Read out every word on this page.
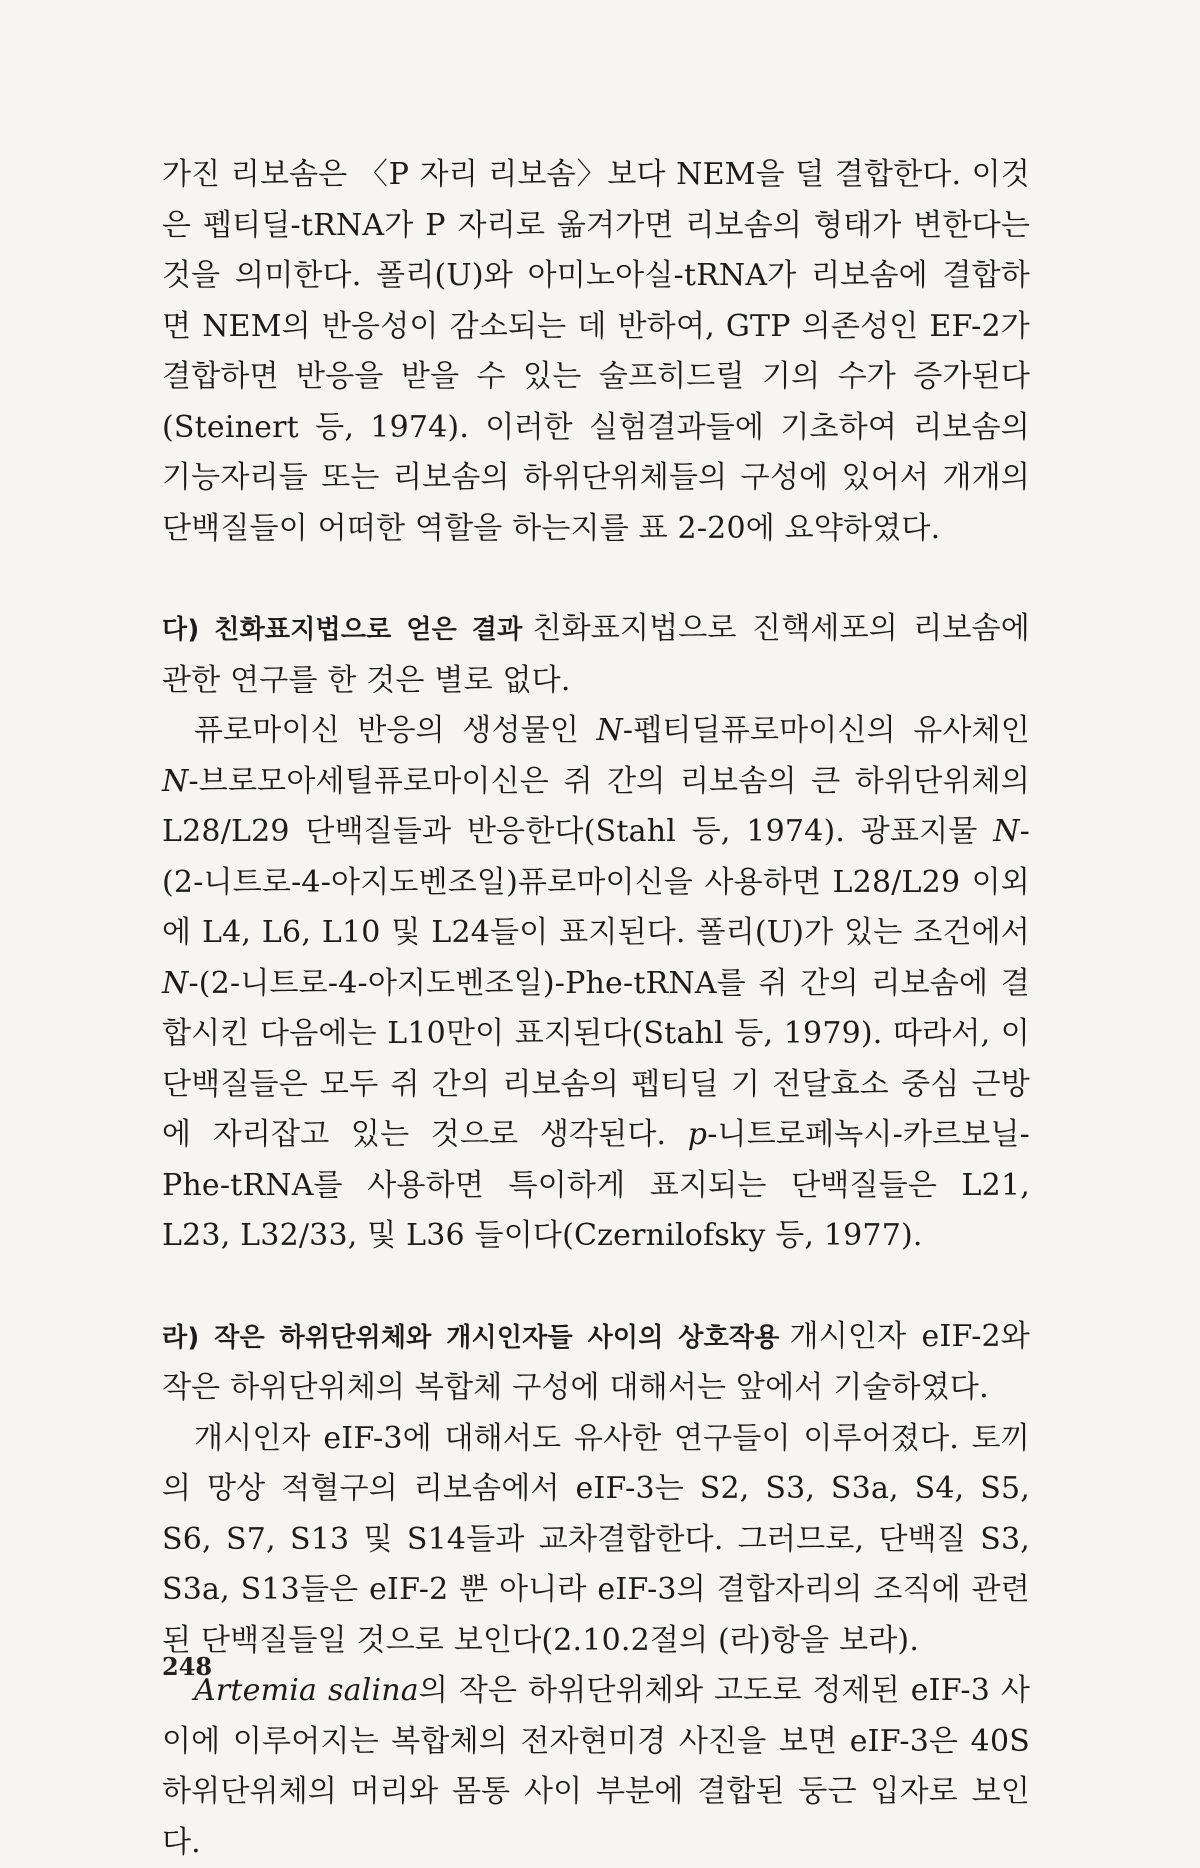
가진 리보솜은 〈P 자리 리보솜〉보다 NEM을 덜 결합한다. 이것은 펩티딜-tRNA가 P 자리로 옮겨가면 리보솜의 형태가 변한다는 것을 의미한다. 폴리(U)와 아미노아실-tRNA가 리보솜에 결합하면 NEM의 반응성이 감소되는 데 반하여, GTP 의존성인 EF-2가 결합하면 반응을 받을 수 있는 술프히드릴 기의 수가 증가된다(Steinert 등, 1974). 이러한 실험결과들에 기초하여 리보솜의 기능자리들 또는 리보솜의 하위단위체들의 구성에 있어서 개개의 단백질들이 어떠한 역할을 하는지를 표 2-20에 요약하였다.

다) 친화표지법으로 얻은 결과 친화표지법으로 진핵세포의 리보솜에 관한 연구를 한 것은 별로 없다.

퓨로마이신 반응의 생성물인 N-펩티딜퓨로마이신의 유사체인 N-브로모아세틸퓨로마이신은 쥐 간의 리보솜의 큰 하위단위체의 L28/L29 단백질들과 반응한다(Stahl 등, 1974). 광표지물 N-(2-니트로-4-아지도벤조일)퓨로마이신을 사용하면 L28/L29 이외에 L4, L6, L10 및 L24들이 표지된다. 폴리(U)가 있는 조건에서 N-(2-니트로-4-아지도벤조일)-Phe-tRNA를 쥐 간의 리보솜에 결합시킨 다음에는 L10만이 표지된다(Stahl 등, 1979). 따라서, 이 단백질들은 모두 쥐 간의 리보솜의 펩티딜 기 전달효소 중심 근방에 자리잡고 있는 것으로 생각된다. p-니트로페녹시-카르보닐-Phe-tRNA를 사용하면 특이하게 표지되는 단백질들은 L21, L23, L32/33, 및 L36 들이다(Czernilofsky 등, 1977).

라) 작은 하위단위체와 개시인자들 사이의 상호작용 개시인자 eIF-2와 작은 하위단위체의 복합체 구성에 대해서는 앞에서 기술하였다.

개시인자 eIF-3에 대해서도 유사한 연구들이 이루어졌다. 토끼의 망상 적혈구의 리보솜에서 eIF-3는 S2, S3, S3a, S4, S5, S6, S7, S13 및 S14들과 교차결합한다. 그러므로, 단백질 S3, S3a, S13들은 eIF-2 뿐 아니라 eIF-3의 결합자리의 조직에 관련된 단백질들일 것으로 보인다(2.10.2절의 (라)항을 보라).

Artemia salina의 작은 하위단위체와 고도로 정제된 eIF-3 사이에 이루어지는 복합체의 전자현미경 사진을 보면 eIF-3은 40S 하위단위체의 머리와 몸통 사이 부분에 결합된 둥근 입자로 보인다.

248
